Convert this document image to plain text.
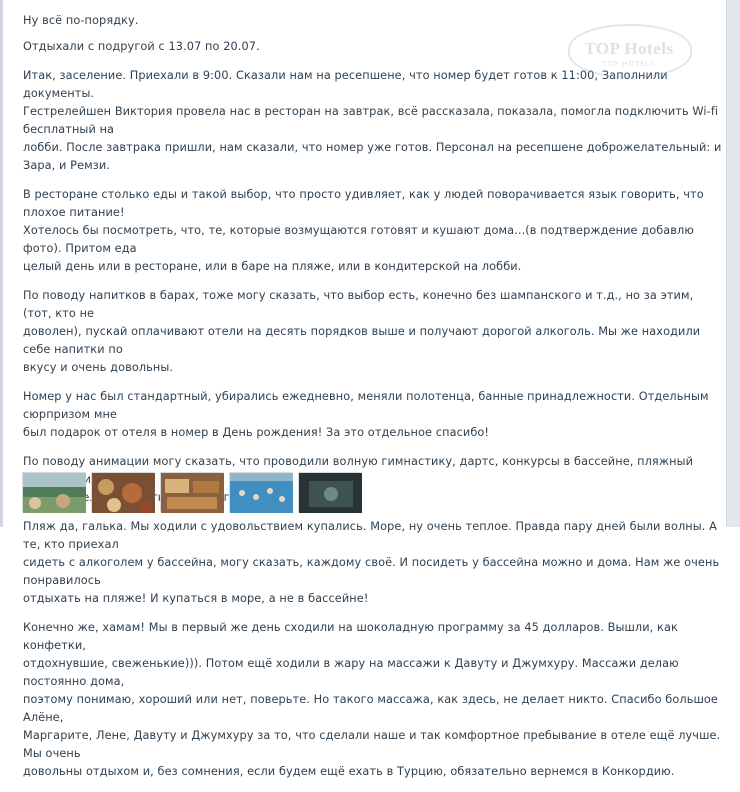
Ну всё по-порядку.

Отдыхали с подругой с 13.07 по 20.07.

Итак, заселение. Приехали в 9:00. Сказали нам на ресепшене, что номер будет готов к 11:00, Заполнили документы.
Гестрелейшен Виктория провела нас в ресторан на завтрак, всё рассказала, показала, помогла подключить Wi-fi бесплатный на
лобби. После завтрака пришли, нам сказали, что номер уже готов. Персонал на ресепшене доброжелательный: и Зара, и Ремзи.

В ресторане столько еды и такой выбор, что просто удивляет, как у людей поворачивается язык говорить, что плохое питание!
Хотелось бы посмотреть, что, те, которые возмущаются готовят и кушают дома...(в подтверждение добавлю фото). Притом еда
целый день или в ресторане, или в баре на пляже, или в кондитерской на лобби.

По поводу напитков в барах, тоже могу сказать, что выбор есть, конечно без шампанского и т.д., но за этим, (тот, кто не
доволен), пускай оплачивают отели на десять порядков выше и получают дорогой алкоголь. Мы же находили себе напитки по
вкусу и очень довольны.

Номер у нас был стандартный, убирались ежедневно, меняли полотенца, банные принадлежности. Отдельным сюрпризом мне
был подарок от отеля в номер в День рождения! За это отдельное спасибо!

По поводу анимации могу сказать, что проводили волную гимнастику, дартс, конкурсы в бассейне, пляжный и

Пляж да, галька. Мы ходили с удовольствием купались. Море, ну очень теплое. Правда пару дней были волны. А те, кто приехал
сидеть с алкоголем у бассейна, могу сказать, каждому своё. И посидеть у бассейна можно и дома. Нам же очень понравилось
отдыхать на пляже! И купаться в море, а не в бассейне!

Конечно же, хамам! Мы в первый же день сходили на шоколадную программу за 45 долларов. Вышли, как конфетки,
отдохнувшие, свеженькие))). Потом ещё ходили в жару на массажи к Давуту и Джумхуру. Массажи делаю постоянно дома,
поэтому понимаю, хороший или нет, поверьте. Но такого массажа, как здесь, не делает никто. Спасибо большое Алёне,
Маргарите, Лене, Давуту и Джумхуру за то, что сделали наше и так комфортное пребывание в отеле ещё лучше. Мы очень
довольны отдыхом и, без сомнения, если будем ещё ехать в Турцию, обязательно вернемся в Конкордию.

TOP Hotels
TOP HOTELS
